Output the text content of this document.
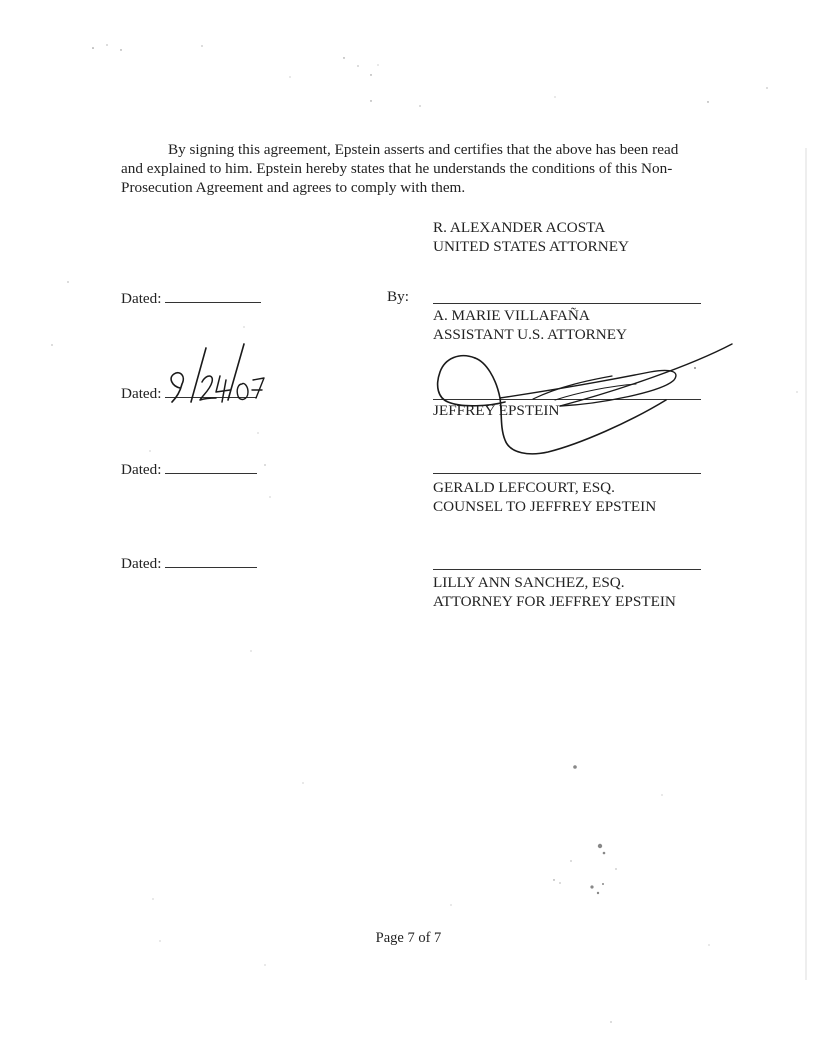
By signing this agreement, Epstein asserts and certifies that the above has been read
and explained to him. Epstein hereby states that he understands the conditions of this Non-
Prosecution Agreement and agrees to comply with them.
R. ALEXANDER ACOSTA
UNITED STATES ATTORNEY
By:
Dated:
Dated:
Dated:
Dated:
A. MARIE VILLAFAÑA
ASSISTANT U.S. ATTORNEY
JEFFREY EPSTEIN
GERALD LEFCOURT, ESQ.
COUNSEL TO JEFFREY EPSTEIN
LILLY ANN SANCHEZ, ESQ.
ATTORNEY FOR JEFFREY EPSTEIN
Page 7 of 7
